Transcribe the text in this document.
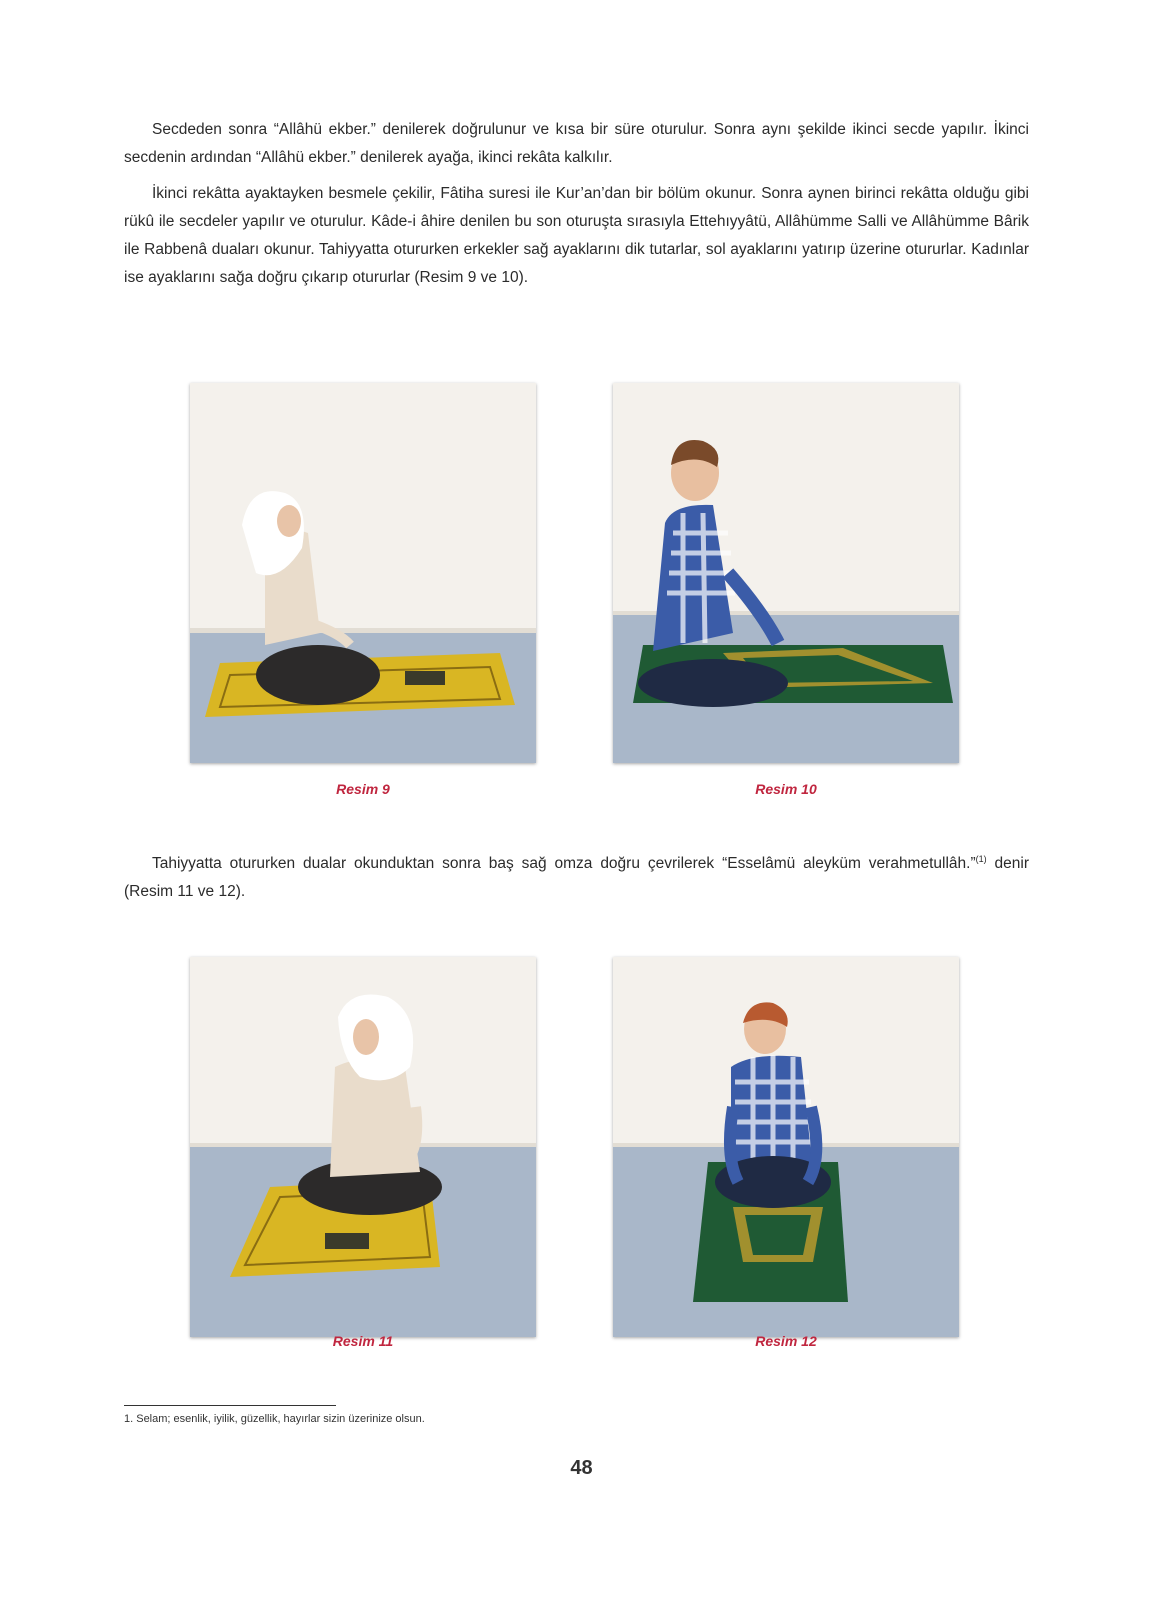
Secdeden sonra “Allâhü ekber.” denilerek doğrulunur ve kısa bir süre oturulur. Sonra aynı şekilde ikinci secde yapılır. İkinci secdenin ardından “Allâhü ekber.” denilerek ayağa, ikinci rekâta kalkılır.

İkinci rekâtta ayaktayken besmele çekilir, Fâtiha suresi ile Kur’an’dan bir bölüm okunur. Sonra aynen birinci rekâtta olduğu gibi rükû ile secdeler yapılır ve oturulur. Kâde-i âhire denilen bu son oturuşta sırasıyla Ettehıyyâtü, Allâhümme Salli ve Allâhümme Bârik ile Rabbenâ duaları okunur. Tahiyyatta otururken erkekler sağ ayaklarını dik tutarlar, sol ayaklarını yatırıp üzerine otururlar. Kadınlar ise ayaklarını sağa doğru çıkarıp otururlar (Resim 9 ve 10).

Resim 9	Resim 10

Tahiyyatta otururken dualar okunduktan sonra baş sağ omza doğru çevrilerek “Esselâmü aleyküm verahmetullâh.”$^{(1)}$ denir (Resim 11 ve 12).

Resim 11	Resim 12
1. Selam; esenlik, iyilik, güzellik, hayırlar sizin üzerinize olsun.
48
